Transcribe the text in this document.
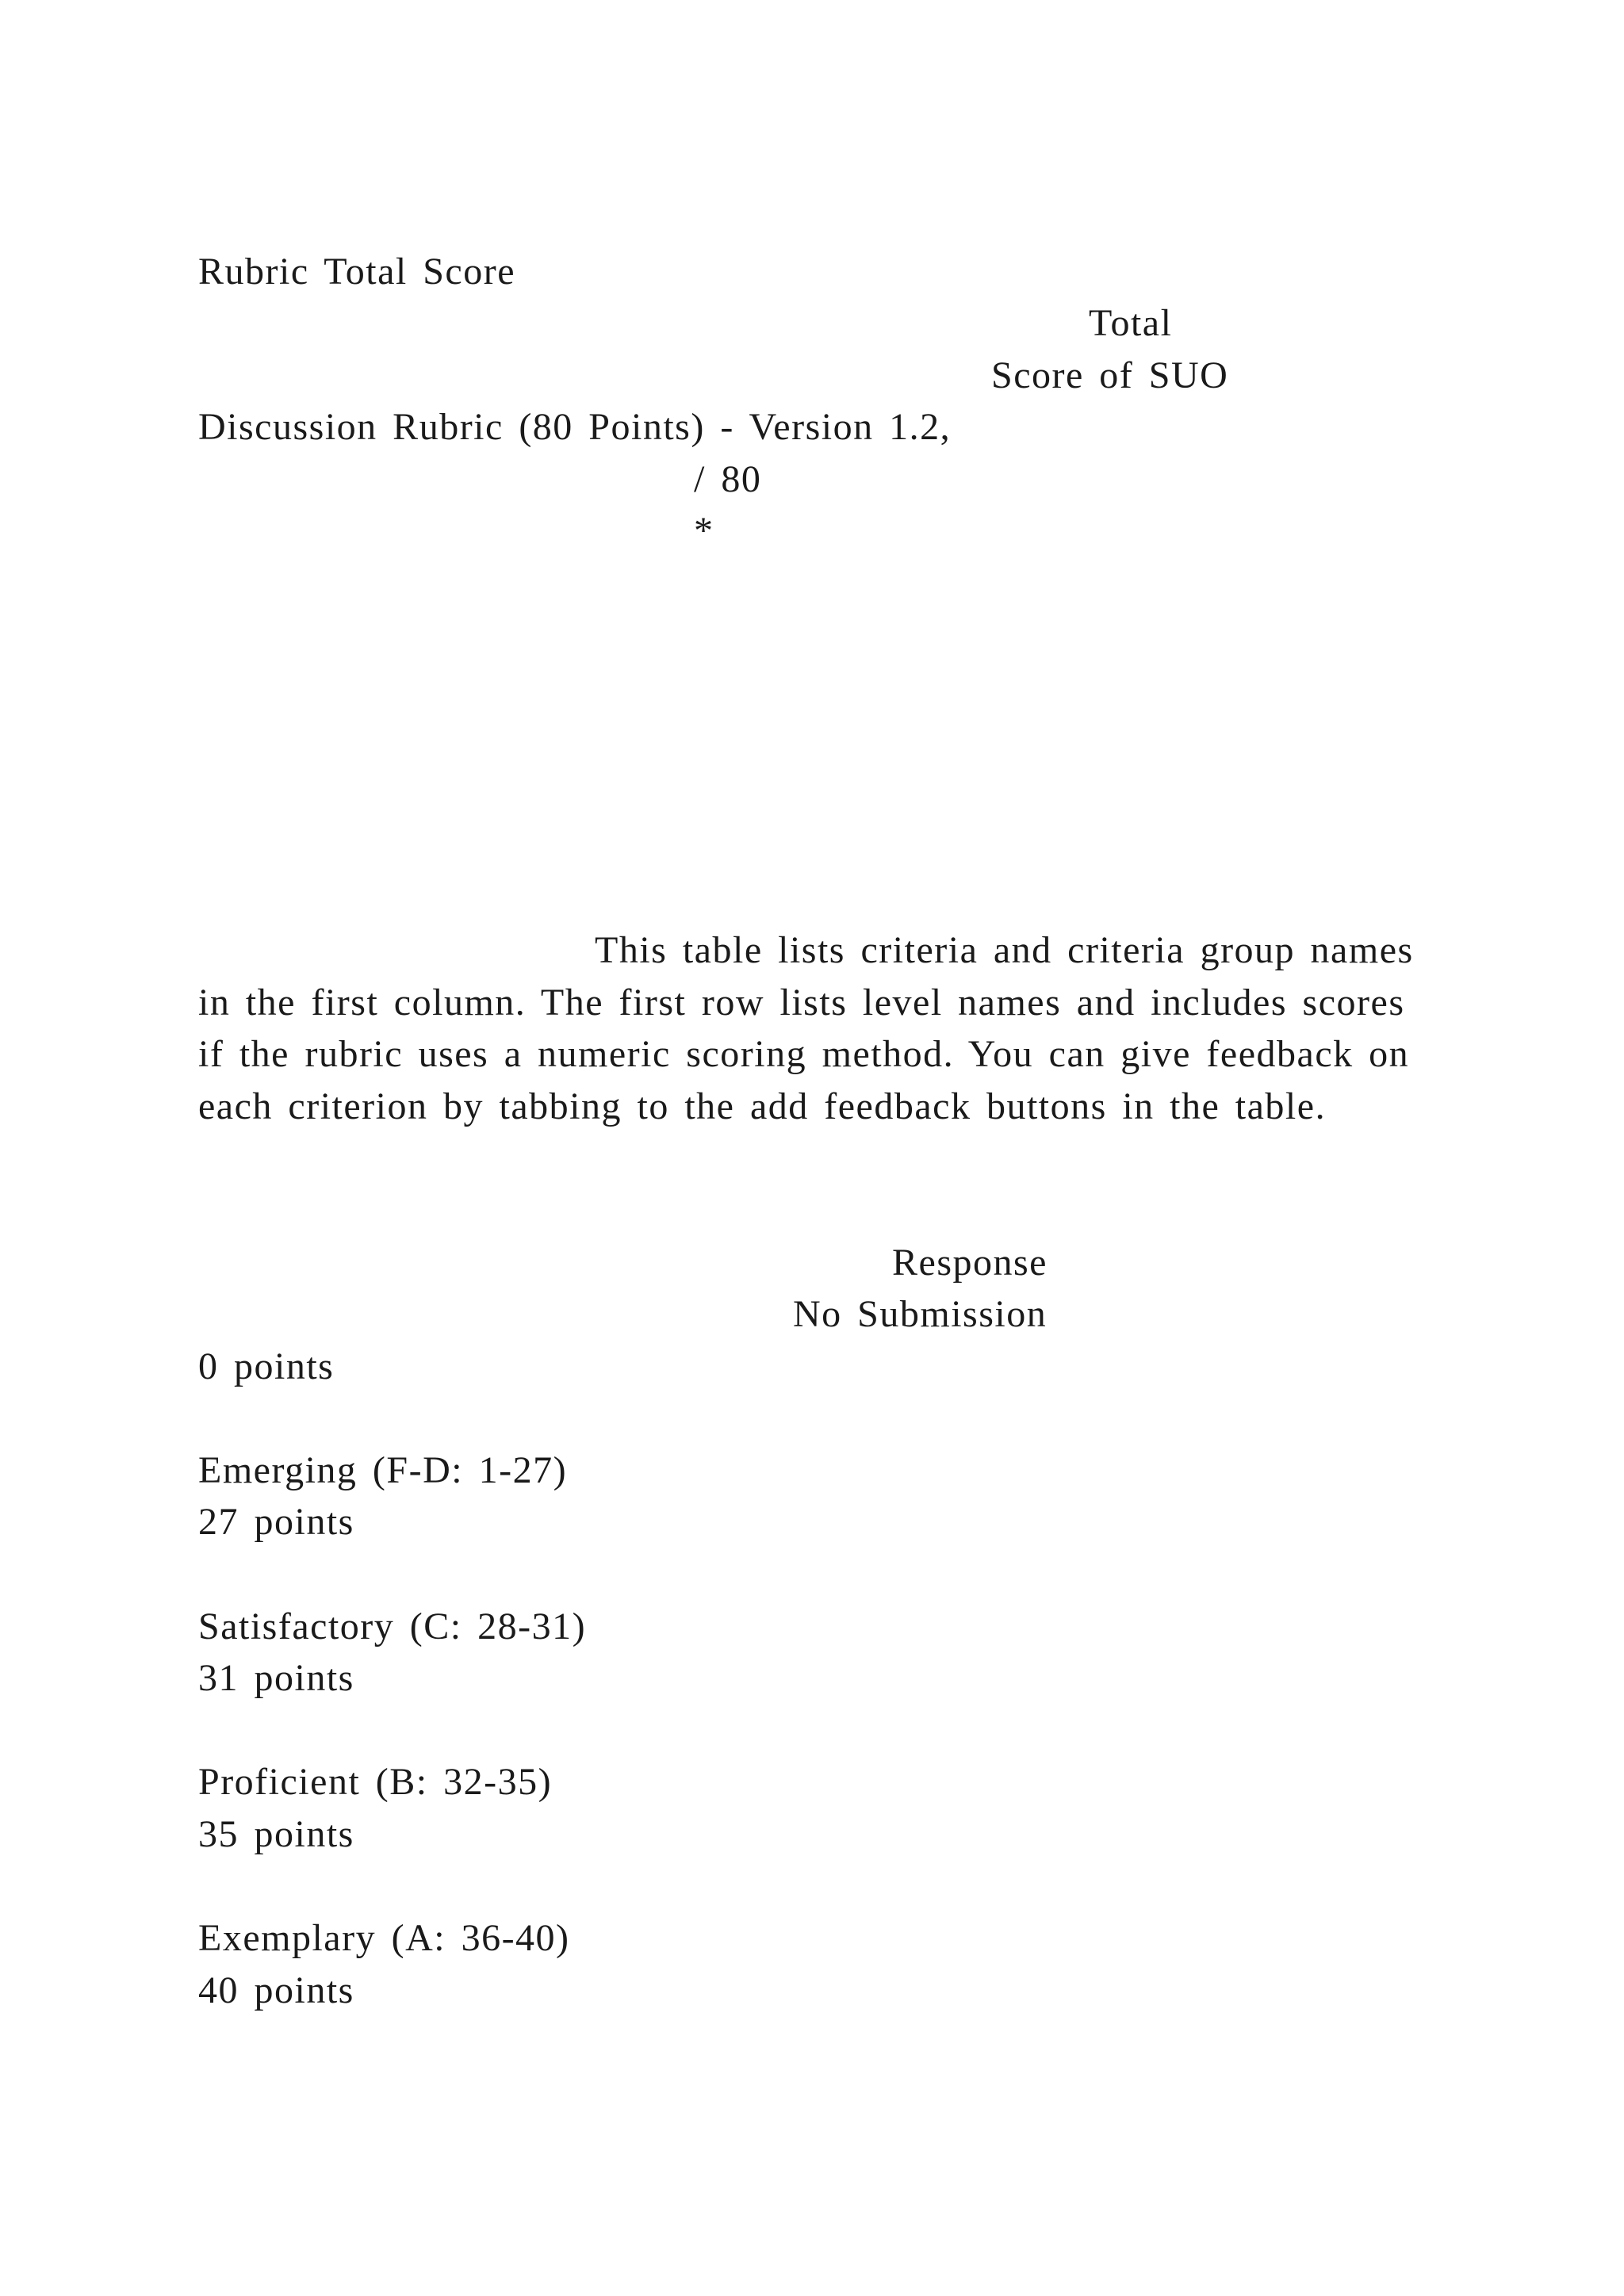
Rubric Total Score
Total
Score of SUO
Discussion Rubric (80 Points) - Version 1.2,
/ 80
*
This table lists criteria and criteria group names in the first column. The first row lists level names and includes scores if the rubric uses a numeric scoring method. You can give feedback on each criterion by tabbing to the add feedback buttons in the table.
Response
No Submission
0 points
Emerging (F-D: 1-27)
27 points
Satisfactory (C: 28-31)
31 points
Proficient (B: 32-35)
35 points
Exemplary (A: 36-40)
40 points
